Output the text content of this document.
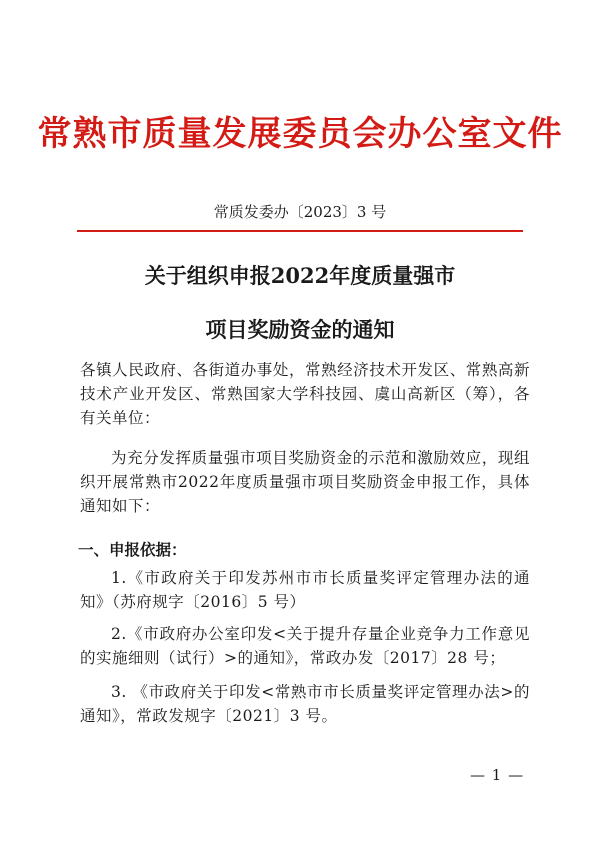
常熟市质量发展委员会办公室文件
常质发委办〔2023〕3 号
关于组织申报2022年度质量强市
项目奖励资金的通知

各镇人民政府、各街道办事处，常熟经济技术开发区、常熟高新技术产业开发区、常熟国家大学科技园、虞山高新区（筹），各有关单位：

为充分发挥质量强市项目奖励资金的示范和激励效应，现组织开展常熟市2022年度质量强市项目奖励资金申报工作，具体通知如下：

一、申报依据：

1.《市政府关于印发苏州市市长质量奖评定管理办法的通知》（苏府规字〔2016〕5 号）

2.《市政府办公室印发<关于提升存量企业竞争力工作意见的实施细则（试行）>的通知》，常政办发〔2017〕28 号；

3. 《市政府关于印发<常熟市市长质量奖评定管理办法>的通知》，常政发规字〔2021〕3 号。

— 1 —
